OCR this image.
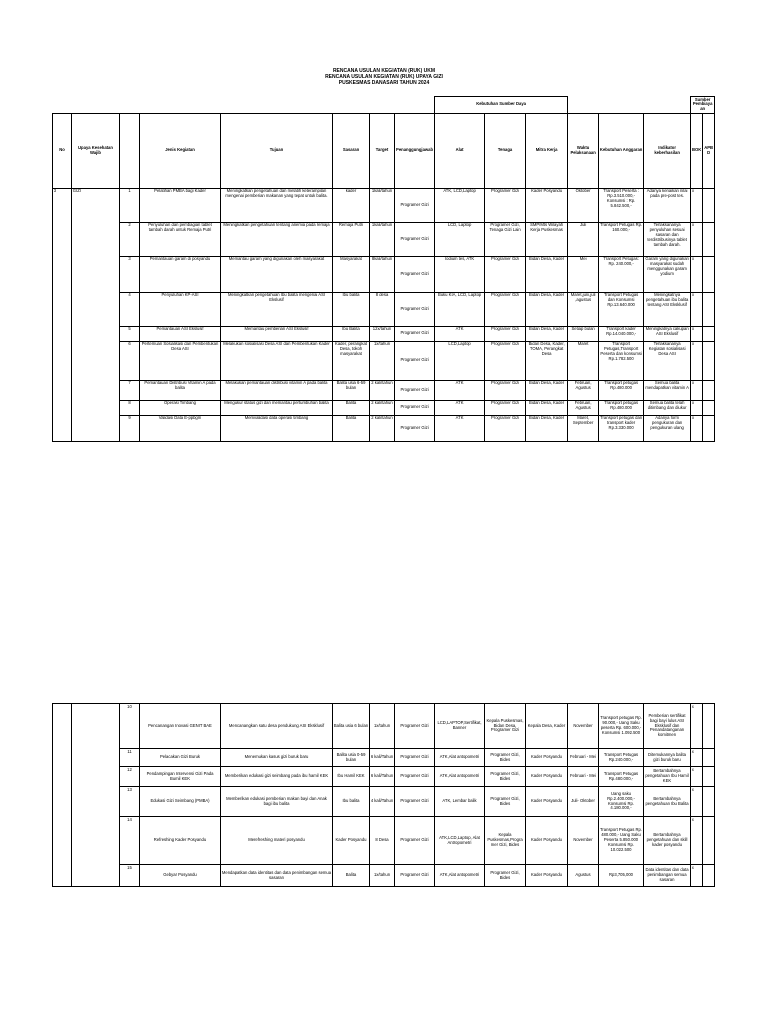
RENCANA USULAN KEGIATAN (RUK) UKM
RENCANA USULAN KEGIATAN (RUK) UPAYA GIZI
PUSKESMAS DANASARI TAHUN 2024
								Kebutuhan Sumber Daya						Sumber Pembiayaan	
No	Upaya Kesehatan Wajib		Jenis Kegiatan	Tujuan	Sasaran	Target	Penanggungjawab	Alat	Tenaga	Mitra Kerja	Waktu Pelaksanaan	Kebutuhan Anggaran	Indikator keberhasilan	BOK	APBD
3	GIZI	1	Pelatihan PMBA bagi Kader	Meningkatkan pengetahuan dan melatih keterampilan mengenai pemberian makanan yang tepat untuk balita.	kader	1kali/tahun	Programer Gizi	ATK, LCD,Laptop	Programer Gizi	Kader Posyandu	Oktober	Transport Peserta : Rp.3.510.000,- Konsumsi : Rp. 5.842.500,-	Adanya kenaikan nilai pada pre-post tes.	x	
		2	Penyuluhan dan pembagian tablet tambah darah untuk Remaja Putri	Meningkatkan pengetahuan tentang anemia pada remaja	Remaja Putri	1kali/tahun	Programer Gizi	LCD, Laptop	Programer Gizi, Tenaga Gizi Lain	SMP/Mts Wilayah Kerja Puskesmas	Juli	Transport Petugas Rp. 160.000,-	Terlaksananya penyuluhan sesuai sasaran dan terdistribusinya tablet tambah darah.	x	
		3	Pemantauan garam di posyandu	Memantau garam yang digunakan oleh masyarakat	Masyarakat	8kali/tahun	Programer Gizi	Iodium tes, ATK	Programer Gizi	Bidan Desa, Kader	Mei	Transport Petugas: Rp. 240.000,-	Garam yang digunakan masyarakat sudah menggunakan garam yodium	x	
		4	Penyuluhan KP-ASI	Meningkatkan pengetahuan Ibu balita mengenai ASI Ekslusif	Ibu balita	8 desa	Programer Gizi	Buku KIA, LCD, Laptop	Programer Gizi	Bidan Desa, Kader	Maret,juni,juli ,agustus	Transport Petugas dan Konsumsi Rp.13.640.000	Meningkatnya pengetahuan ibu balita tentang ASI Eksklusif	x	
		5	Pemantauan ASI Ekslusif	Memantau pemberian ASI Ekslusif	Ibu Balita	12x/tahun	Programer Gizi	ATK	Programer Gizi	Bidan Desa, Kader	Setiap bulan	Transport kader Rp.14.040.000,-	Meningkatnya cakupan ASI Ekslusif	x	
		6	Pertemuan Sosialisasi dan Pembentukan Desa ASI	Melakukan sosialisasi Desa ASI dan Pembentukan Kader	Kader, perangkat Desa, tokoh masyarakat	1x/tahun	Programer Gizi	LCD,Laptop	Programer Gizi	Bidan Desa, Kader, TOMA, Perangkat Desa	Maret	Transport Petugas,Transport Peserta dan konsumsi Rp.1.782.500	Terlaksananya Kegiatan sosialisasi Desa ASI	x	
		7	Pemantauan Distribusi Vitamin A pada balita	Melakukan pemantauan distribusi vitamin A pada balita	Balita usia 6-59 bulan	2 kali/tahun	Programer Gizi	ATK	Programer Gizi	Bidan Desa, Kader	Februari, Agustus	Transport petugas Rp.480.000	Semua balita mendapatkan vitamin A	x	
		8	Operasi Timbang	Mengukur status gizi dan memantau pertumbuhan balita	Balita	2 kali/tahun	Programer Gizi	ATK	Programer Gizi	Bidan Desa, Kader	Februari, Agustus	Transport petugas Rp.480.000	Semua balita telah ditimbang dan diukur	x	
		9	Validasi Data E-ppbgm	Memvalidasi data operasi timbang	Balita	2 kali/tahun	Programer Gizi	ATK	Programer Gizi	Bidan Desa, Kader	Maret, September	Transport petugas dan transport kader Rp.3.330.000	Adanya form pengukuran dan pengukuran ulang	x	
		10	Pencanangan Inovasi GENIT BAE	Mencanangkan satu desa pendukung ASI Eksklusif	Balita usia 6 bulan	1x/tahun	Programer Gizi	LCD,LAPTOP,Sertifikat, Banner	Kepala Puskesmas, Bidan Desa, Programer Gizi	Kepala Desa, Kader	November	Transport petugas Rp. 90.000,- Uang Saku peserta Rp. 600.000,- Konsumsi 1.092.500	Pemberian sertifikat bagi bayi lulus ASI Eksklusif dan Penandatanganan komitmen	x	
		11	Pelacakan Gizi Buruk	Menemukan kasus gizi buruk baru	Balita usia 0-59 bulan	6 kali/Tahun	Programer Gizi	ATK,Alat antopometri	Programer Gizi, Bides	Kader Posyandu	Februari - Mei	Transport Petugas Rp.240.000,-	Ditemukannya balita gizi buruk baru	x	
		12	Pendampingan Intervensi Gizi Pada Bumil KEK	Memberikan edukasi gizi seimbang pada ibu hamil KEK	Ibu Hamil KEK	6 kali/Tahun	Programer Gizi	ATK,Alat antopometri	Programer Gizi, Bides	Kader Posyandu	Februari - Mei	Transport Petugas Rp.480.000,-	Bertambahnya pengetahuan Ibu Hamil KEK	x	
		13	Edukasi Gizi Seimbang (PMBA)	Memberikan edukasi pemberian makan bayi dan Anak bagi ibu balita	Ibu balita	4 kali/Tahun	Programer Gizi	ATK, Lembar balik	Programer Gizi, Bides	Kader Posyandu	Juli- Oktober	Uang saku Rp.2.400.000,- Konsumsi Rp. 4.180.000,-	Bertambahnya pengetahuan Ibu Balita	x	
		14	Refreshing Kader Posyandu	Merefreshing materi posyandu	Kader Posyandu	8 Desa	Programer Gizi	ATK,LCD,Laptop, Alat Antropometri	Kepala Puskesmas,Programer Gizi, Bides	Kader Posyandu	November	Transport Petugas Rp. 480.000,- Uang Saku Peserta 5.850.000 Konsumsi Rp. 10.022.500	Bertambahnya pengetahuan dan skill kader posyandu	x	
		15	Gebyar Posyandu	Mendapatkan data identitas dan data penimbangan semua sasaran	Balita	1x/tahun	Programer Gizi	ATK,Alat antopometri	Programer Gizi, Bides	Kader Posyandu	Agustus	Rp3,705,000	Data identitas dan data penimbangan semua sasaran	x	
